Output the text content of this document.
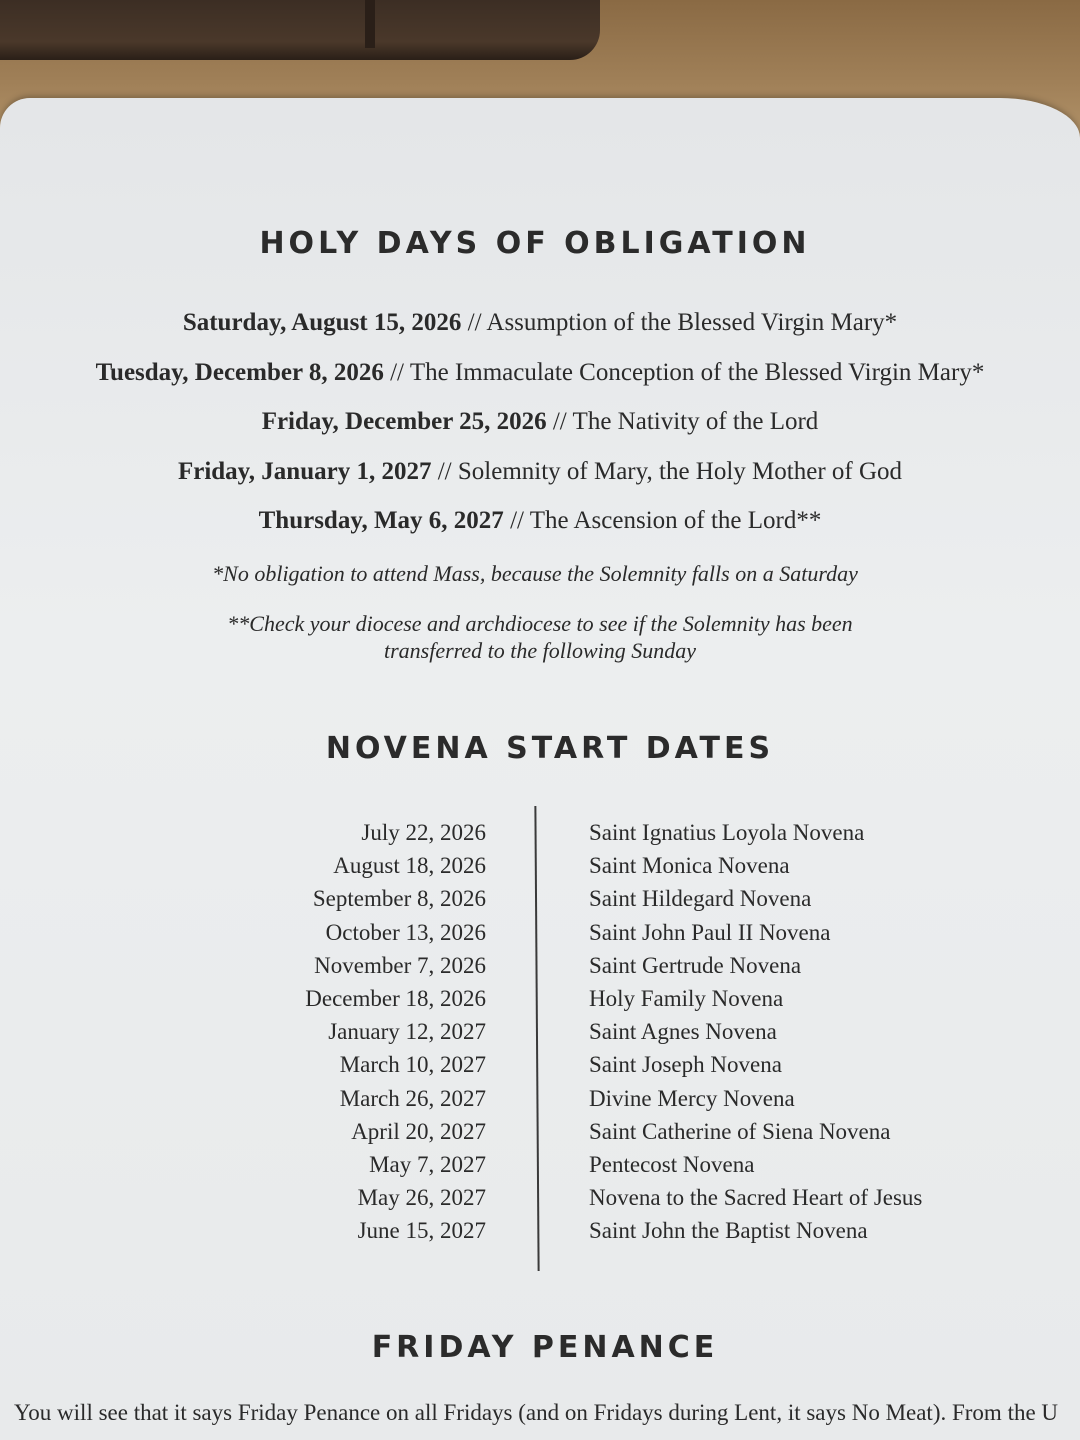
HOLY DAYS OF OBLIGATION
Saturday, August 15, 2026 // Assumption of the Blessed Virgin Mary*
Tuesday, December 8, 2026 // The Immaculate Conception of the Blessed Virgin Mary*
Friday, December 25, 2026 // The Nativity of the Lord
Friday, January 1, 2027 // Solemnity of Mary, the Holy Mother of God
Thursday, May 6, 2027 // The Ascension of the Lord**
*No obligation to attend Mass, because the Solemnity falls on a Saturday
**Check your diocese and archdiocese to see if the Solemnity has been
transferred to the following Sunday
NOVENA START DATES
July 22, 2026	Saint Ignatius Loyola Novena
August 18, 2026	Saint Monica Novena
September 8, 2026	Saint Hildegard Novena
October 13, 2026	Saint John Paul II Novena
November 7, 2026	Saint Gertrude Novena
December 18, 2026	Holy Family Novena
January 12, 2027	Saint Agnes Novena
March 10, 2027	Saint Joseph Novena
March 26, 2027	Divine Mercy Novena
April 20, 2027	Saint Catherine of Siena Novena
May 7, 2027	Pentecost Novena
May 26, 2027	Novena to the Sacred Heart of Jesus
June 15, 2027	Saint John the Baptist Novena
FRIDAY PENANCE
You will see that it says Friday Penance on all Fridays (and on Fridays during Lent, it says No Meat). From the U
